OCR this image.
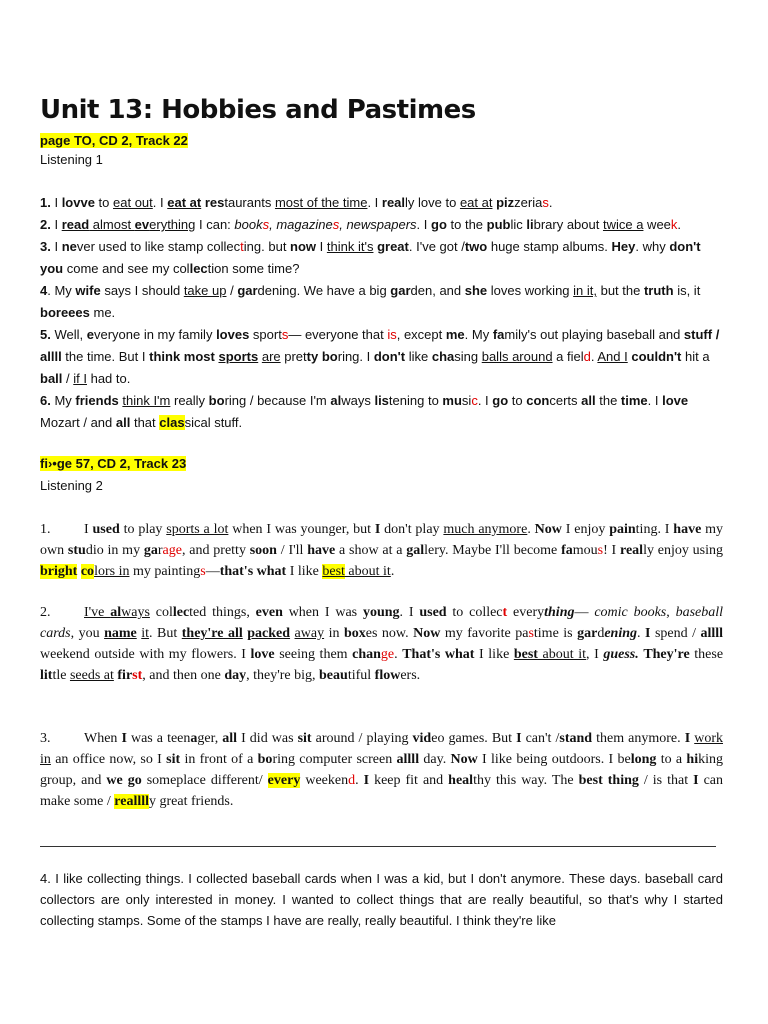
Unit 13: Hobbies and Pastimes
page TO, CD 2, Track 22
Listening 1
1. I lovve to eat out. I eat at restaurants most of the time. I really love to eat at pizzerias.
2. I read almost everything I can: books, magazines, newspapers. I go to the public library about twice a week.
3. I never used to like stamp collecting. but now I think it's great. I've got /two huge stamp albums. Hey. why don't you come and see my collection some time?
4. My wife says I should take up / gardening. We have a big garden, and she loves working in it, but the truth is, it boreees me.
5. Well, everyone in my family loves sports— everyone that is, except me. My family's out playing baseball and stuff / allll the time. But I think most sports are pretty boring. I don't like chasing balls around a field. And I couldn't hit a ball / if I had to.
6. My friends think I'm really boring / because I'm always listening to music. I go to concerts all the time. I love Mozart / and all that classical stuff.
fi›•ge 57, CD 2, Track 23
Listening 2
1. I used to play sports a lot when I was younger, but I don't play much anymore. Now I enjoy painting. I have my own studio in my garage, and pretty soon / I'll have a show at a gallery. Maybe I'll become famous! I really enjoy using bright colors in my paintings—that's what I like best about it.
2. I've always collected things, even when I was young. I used to collect everything— comic books, baseball cards, you name it. But they're all packed away in boxes now. Now my favorite pastime is gardening. I spend / allll weekend outside with my flowers. I love seeing them change. That's what I like best about it, I guess. They're these little seeds at first, and then one day, they're big, beautiful flowers.
3. When I was a teenager, all I did was sit around / playing video games. But I can't /stand them anymore. I work in an office now, so I sit in front of a boring computer screen allll day. Now I like being outdoors. I belong to a hiking group, and we go someplace different/ every weekend. I keep fit and healthy this way. The best thing / is that I can make some / realllly great friends.
4. I like collecting things. I collected baseball cards when I was a kid, but I don't anymore. These days. baseball card collectors are only interested in money. I wanted to collect things that are really beautiful, so that's why I started collecting stamps. Some of the stamps I have are really, really beautiful. I think they're like
